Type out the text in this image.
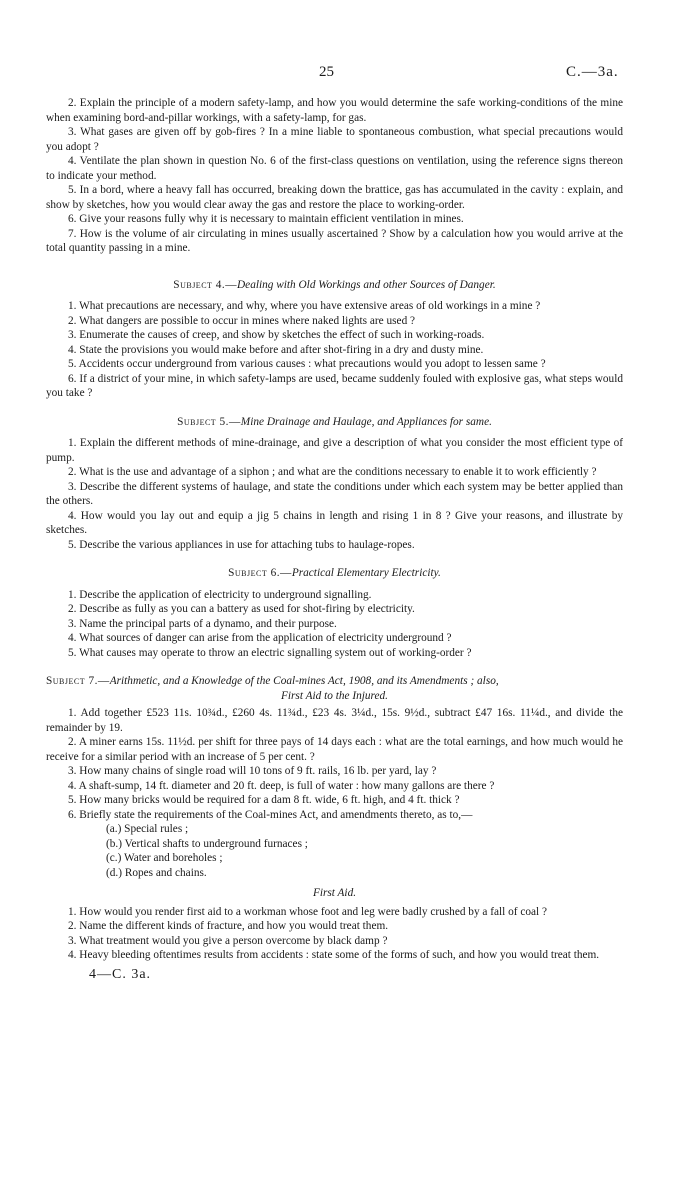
25	C.—3a.

2. Explain the principle of a modern safety-lamp, and how you would determine the safe working-conditions of the mine when examining bord-and-pillar workings, with a safety-lamp, for gas.

3. What gases are given off by gob-fires ? In a mine liable to spontaneous combustion, what special precautions would you adopt ?

4. Ventilate the plan shown in question No. 6 of the first-class questions on ventilation, using the reference signs thereon to indicate your method.

5. In a bord, where a heavy fall has occurred, breaking down the brattice, gas has accumulated in the cavity : explain, and show by sketches, how you would clear away the gas and restore the place to working-order.

6. Give your reasons fully why it is necessary to maintain efficient ventilation in mines.

7. How is the volume of air circulating in mines usually ascertained ? Show by a calculation how you would arrive at the total quantity passing in a mine.

Subject 4.—Dealing with Old Workings and other Sources of Danger.

1. What precautions are necessary, and why, where you have extensive areas of old workings in a mine ?

2. What dangers are possible to occur in mines where naked lights are used ?

3. Enumerate the causes of creep, and show by sketches the effect of such in working-roads.

4. State the provisions you would make before and after shot-firing in a dry and dusty mine.

5. Accidents occur underground from various causes : what precautions would you adopt to lessen same ?

6. If a district of your mine, in which safety-lamps are used, became suddenly fouled with explosive gas, what steps would you take ?

Subject 5.—Mine Drainage and Haulage, and Appliances for same.

1. Explain the different methods of mine-drainage, and give a description of what you consider the most efficient type of pump.

2. What is the use and advantage of a siphon ; and what are the conditions necessary to enable it to work efficiently ?

3. Describe the different systems of haulage, and state the conditions under which each system may be better applied than the others.

4. How would you lay out and equip a jig 5 chains in length and rising 1 in 8 ? Give your reasons, and illustrate by sketches.

5. Describe the various appliances in use for attaching tubs to haulage-ropes.

Subject 6.—Practical Elementary Electricity.

1. Describe the application of electricity to underground signalling.

2. Describe as fully as you can a battery as used for shot-firing by electricity.

3. Name the principal parts of a dynamo, and their purpose.

4. What sources of danger can arise from the application of electricity underground ?

5. What causes may operate to throw an electric signalling system out of working-order ?

Subject 7.—Arithmetic, and a Knowledge of the Coal-mines Act, 1908, and its Amendments ; also,
First Aid to the Injured.

1. Add together £523 11s. 10¾d., £260 4s. 11¾d., £23 4s. 3¼d., 15s. 9½d., subtract £47 16s. 11¼d., and divide the remainder by 19.

2. A miner earns 15s. 11½d. per shift for three pays of 14 days each : what are the total earnings, and how much would he receive for a similar period with an increase of 5 per cent. ?

3. How many chains of single road will 10 tons of 9 ft. rails, 16 lb. per yard, lay ?

4. A shaft-sump, 14 ft. diameter and 20 ft. deep, is full of water : how many gallons are there ?

5. How many bricks would be required for a dam 8 ft. wide, 6 ft. high, and 4 ft. thick ?

6. Briefly state the requirements of the Coal-mines Act, and amendments thereto, as to,—

(a.) Special rules ;
(b.) Vertical shafts to underground furnaces ;
(c.) Water and boreholes ;
(d.) Ropes and chains.
First Aid.

1. How would you render first aid to a workman whose foot and leg were badly crushed by a fall of coal ?

2. Name the different kinds of fracture, and how you would treat them.

3. What treatment would you give a person overcome by black damp ?

4. Heavy bleeding oftentimes results from accidents : state some of the forms of such, and how you would treat them.

4—C. 3a.
